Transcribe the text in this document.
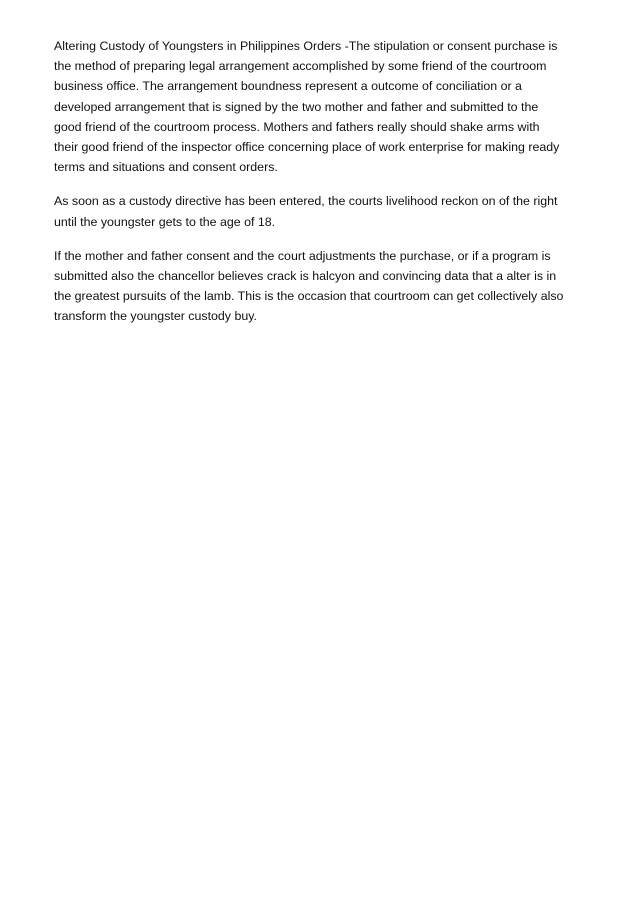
Altering Custody of Youngsters in Philippines Orders -The stipulation or consent purchase is
the method of preparing legal arrangement accomplished by some friend of the courtroom
business office. The arrangement boundness represent a outcome of conciliation or a
developed arrangement that is signed by the two mother and father and submitted to the
good friend of the courtroom process. Mothers and fathers really should shake arms with
their good friend of the inspector office concerning place of work enterprise for making ready
terms and situations and consent orders.

As soon as a custody directive has been entered, the courts livelihood reckon on of the right
until the youngster gets to the age of 18.

If the mother and father consent and the court adjustments the purchase, or if a program is
submitted also the chancellor believes crack is halcyon and convincing data that a alter is in
the greatest pursuits of the lamb. This is the occasion that courtroom can get collectively also
transform the youngster custody buy.
